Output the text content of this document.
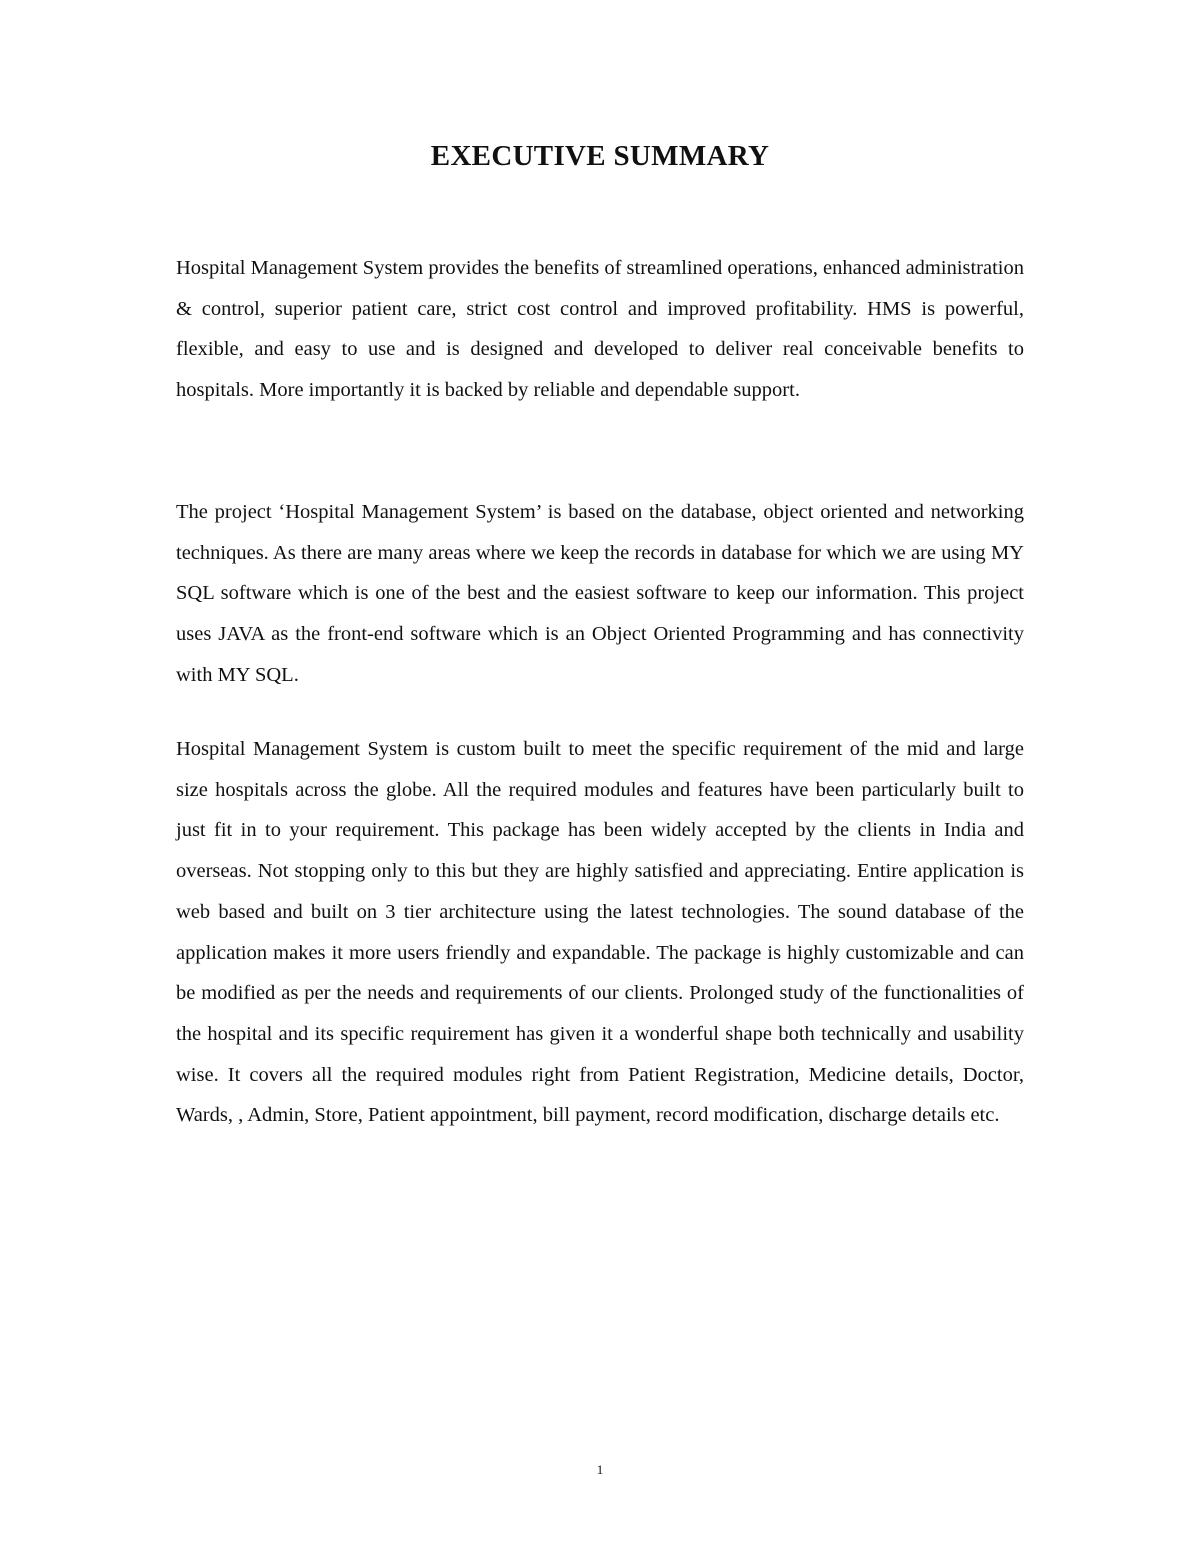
EXECUTIVE SUMMARY

Hospital Management System provides the benefits of streamlined operations, enhanced administration & control, superior patient care, strict cost control and improved profitability. HMS is powerful, flexible, and easy to use and is designed and developed to deliver real conceivable benefits to hospitals. More importantly it is backed by reliable and dependable support.

The project ‘Hospital Management System’ is based on the database, object oriented and networking techniques. As there are many areas where we keep the records in database for which we are using MY SQL software which is one of the best and the easiest software to keep our information. This project uses JAVA as the front-end software which is an Object Oriented Programming and has connectivity with MY SQL.

Hospital Management System is custom built to meet the specific requirement of the mid and large size hospitals across the globe. All the required modules and features have been particularly built to just fit in to your requirement. This package has been widely accepted by the clients in India and overseas. Not stopping only to this but they are highly satisfied and appreciating. Entire application is web based and built on 3 tier architecture using the latest technologies. The sound database of the application makes it more users friendly and expandable. The package is highly customizable and can be modified as per the needs and requirements of our clients. Prolonged study of the functionalities of the hospital and its specific requirement has given it a wonderful shape both technically and usability wise. It covers all the required modules right from Patient Registration, Medicine details, Doctor, Wards, , Admin, Store, Patient appointment, bill payment, record modification, discharge details etc.

1
